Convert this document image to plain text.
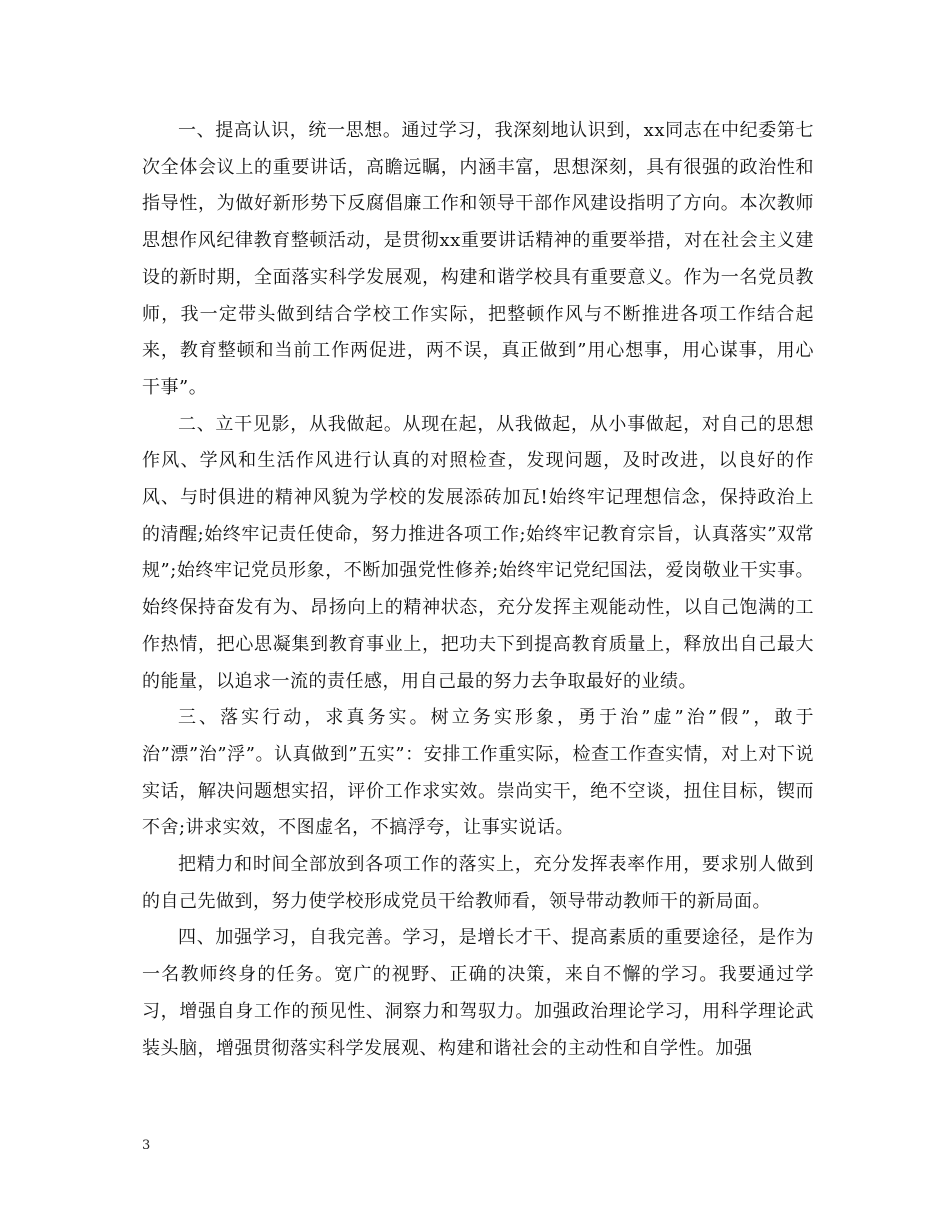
一、提高认识，统一思想。通过学习，我深刻地认识到，xx同志在中纪委第七次全体会议上的重要讲话，高瞻远瞩，内涵丰富，思想深刻，具有很强的政治性和指导性，为做好新形势下反腐倡廉工作和领导干部作风建设指明了方向。本次教师思想作风纪律教育整顿活动，是贯彻xx重要讲话精神的重要举措，对在社会主义建设的新时期，全面落实科学发展观，构建和谐学校具有重要意义。作为一名党员教师，我一定带头做到结合学校工作实际，把整顿作风与不断推进各项工作结合起来，教育整顿和当前工作两促进，两不误，真正做到”用心想事，用心谋事，用心干事”。

二、立干见影，从我做起。从现在起，从我做起，从小事做起，对自己的思想作风、学风和生活作风进行认真的对照检查，发现问题，及时改进，以良好的作风、与时俱进的精神风貌为学校的发展添砖加瓦!始终牢记理想信念，保持政治上的清醒;始终牢记责任使命，努力推进各项工作;始终牢记教育宗旨，认真落实”双常规”;始终牢记党员形象，不断加强党性修养;始终牢记党纪国法，爱岗敬业干实事。始终保持奋发有为、昂扬向上的精神状态，充分发挥主观能动性，以自己饱满的工作热情，把心思凝集到教育事业上，把功夫下到提高教育质量上，释放出自己最大的能量，以追求一流的责任感，用自己最的努力去争取最好的业绩。

三、落实行动，求真务实。树立务实形象，勇于治”虚”治”假”，敢于治”漂”治”浮”。认真做到”五实”：安排工作重实际，检查工作查实情，对上对下说实话，解决问题想实招，评价工作求实效。崇尚实干，绝不空谈，扭住目标，锲而不舍;讲求实效，不图虚名，不搞浮夸，让事实说话。

把精力和时间全部放到各项工作的落实上，充分发挥表率作用，要求别人做到的自己先做到，努力使学校形成党员干给教师看，领导带动教师干的新局面。

四、加强学习，自我完善。学习，是增长才干、提高素质的重要途径，是作为一名教师终身的任务。宽广的视野、正确的决策，来自不懈的学习。我要通过学习，增强自身工作的预见性、洞察力和驾驭力。加强政治理论学习，用科学理论武装头脑，增强贯彻落实科学发展观、构建和谐社会的主动性和自学性。加强

3
